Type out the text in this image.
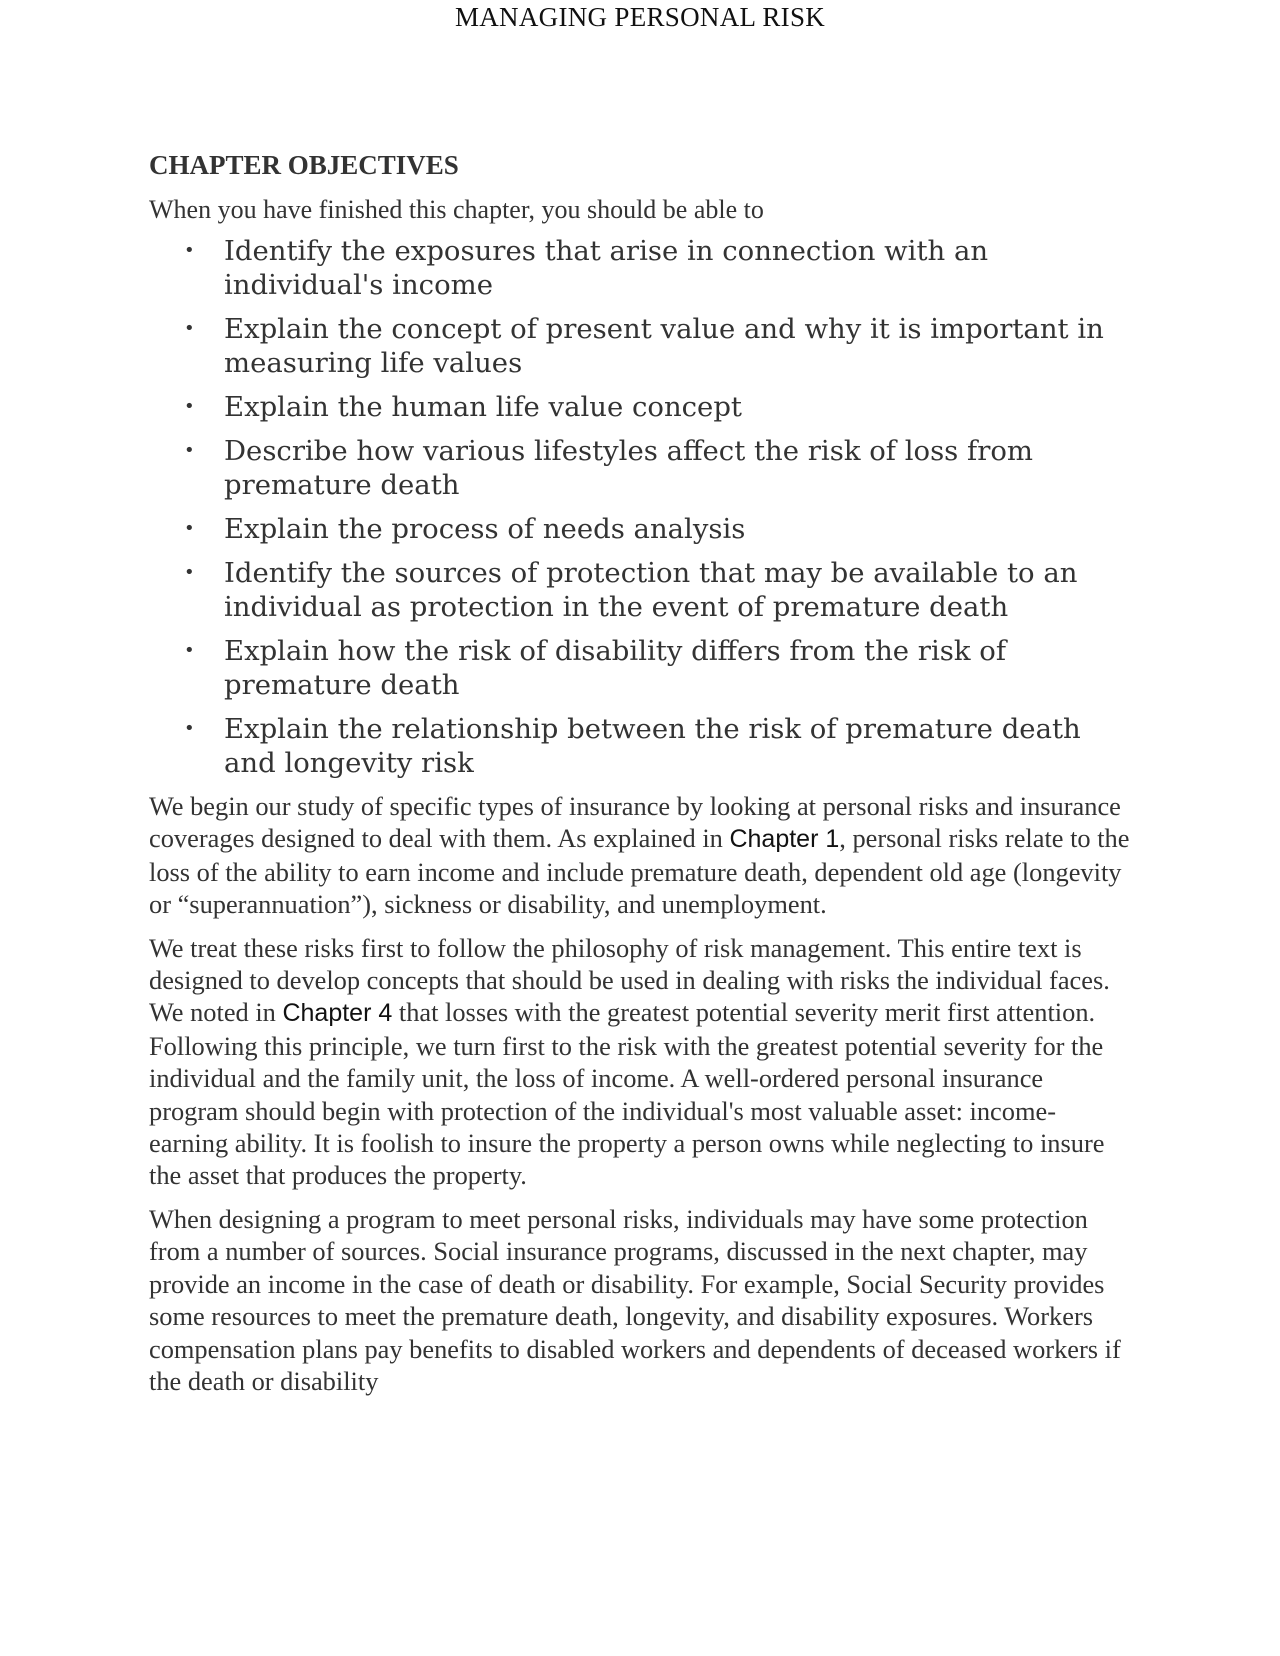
MANAGING PERSONAL RISK
CHAPTER OBJECTIVES

When you have finished this chapter, you should be able to

• Identify the exposures that arise in connection with an individual's income
• Explain the concept of present value and why it is important in measuring life values
• Explain the human life value concept
• Describe how various lifestyles affect the risk of loss from premature death
• Explain the process of needs analysis
• Identify the sources of protection that may be available to an individual as protection in the event of premature death
• Explain how the risk of disability differs from the risk of premature death
• Explain the relationship between the risk of premature death and longevity risk

We begin our study of specific types of insurance by looking at personal risks and insurance coverages designed to deal with them. As explained in Chapter 1, personal risks relate to the loss of the ability to earn income and include premature death, dependent old age (longevity or “superannuation”), sickness or disability, and unemployment.

We treat these risks first to follow the philosophy of risk management. This entire text is designed to develop concepts that should be used in dealing with risks the individual faces. We noted in Chapter 4 that losses with the greatest potential severity merit first attention. Following this principle, we turn first to the risk with the greatest potential severity for the individual and the family unit, the loss of income. A well-ordered personal insurance program should begin with protection of the individual's most valuable asset: income-earning ability. It is foolish to insure the property a person owns while neglecting to insure the asset that produces the property.

When designing a program to meet personal risks, individuals may have some protection from a number of sources. Social insurance programs, discussed in the next chapter, may provide an income in the case of death or disability. For example, Social Security provides some resources to meet the premature death, longevity, and disability exposures. Workers compensation plans pay benefits to disabled workers and dependents of deceased workers if the death or disability
